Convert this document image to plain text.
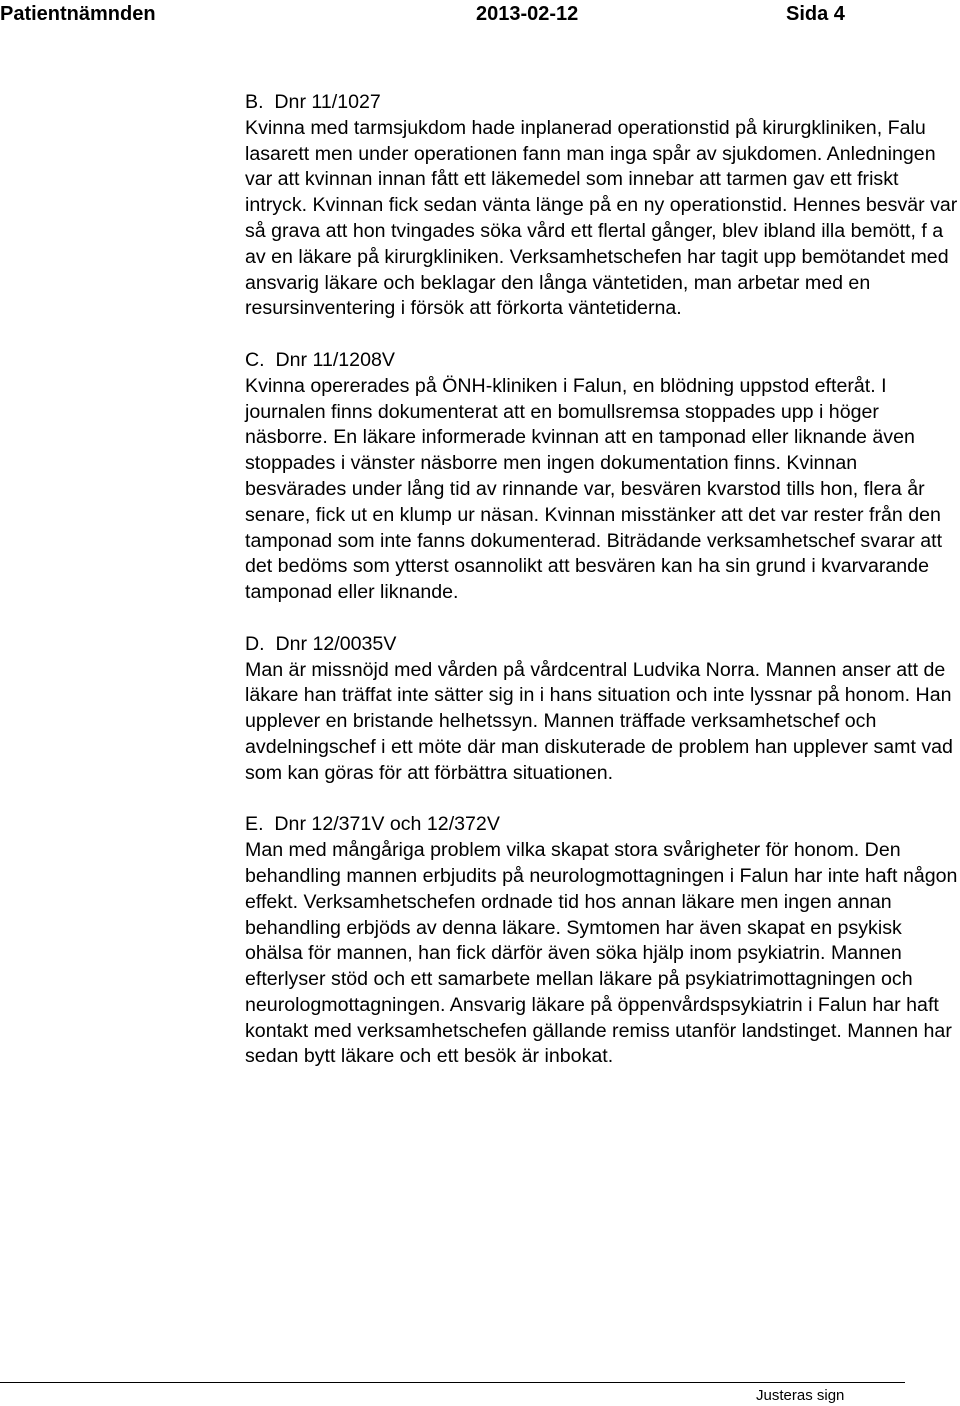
Patientnämnden	2013-02-12	Sida 4

B. Dnr 11/1027

Kvinna med tarmsjukdom hade inplanerad operationstid på kirurgkliniken, Falu lasarett men under operationen fann man inga spår av sjukdomen. Anledningen var att kvinnan innan fått ett läkemedel som innebar att tarmen gav ett friskt intryck. Kvinnan fick sedan vänta länge på en ny operationstid. Hennes besvär var så grava att hon tvingades söka vård ett flertal gånger, blev ibland illa bemött, f a av en läkare på kirurgkliniken. Verksamhetschefen har tagit upp bemötandet med ansvarig läkare och beklagar den långa väntetiden, man arbetar med en resursinventering i försök att förkorta väntetiderna.

C. Dnr 11/1208V

Kvinna opererades på ÖNH-kliniken i Falun, en blödning uppstod efteråt. I journalen finns dokumenterat att en bomullsremsa stoppades upp i höger näsborre. En läkare informerade kvinnan att en tamponad eller liknande även stoppades i vänster näsborre men ingen dokumentation finns. Kvinnan besvärades under lång tid av rinnande var, besvären kvarstod tills hon, flera år senare, fick ut en klump ur näsan. Kvinnan misstänker att det var rester från den tamponad som inte fanns dokumenterad. Biträdande verksamhetschef svarar att det bedöms som ytterst osannolikt att besvären kan ha sin grund i kvarvarande tamponad eller liknande.

D. Dnr 12/0035V

Man är missnöjd med vården på vårdcentral Ludvika Norra. Mannen anser att de läkare han träffat inte sätter sig in i hans situation och inte lyssnar på honom. Han upplever en bristande helhetssyn. Mannen träffade verksamhetschef och avdelningschef i ett möte där man diskuterade de problem han upplever samt vad som kan göras för att förbättra situationen.

E. Dnr 12/371V och 12/372V

Man med mångåriga problem vilka skapat stora svårigheter för honom. Den behandling mannen erbjudits på neurologmottagningen i Falun har inte haft någon effekt. Verksamhetschefen ordnade tid hos annan läkare men ingen annan behandling erbjöds av denna läkare. Symtomen har även skapat en psykisk ohälsa för mannen, han fick därför även söka hjälp inom psykiatrin. Mannen efterlyser stöd och ett samarbete mellan läkare på psykiatrimottagningen och neurologmottagningen. Ansvarig läkare på öppenvårdspsykiatrin i Falun har haft kontakt med verksamhetschefen gällande remiss utanför landstinget. Mannen har sedan bytt läkare och ett besök är inbokat.

Justeras sign
